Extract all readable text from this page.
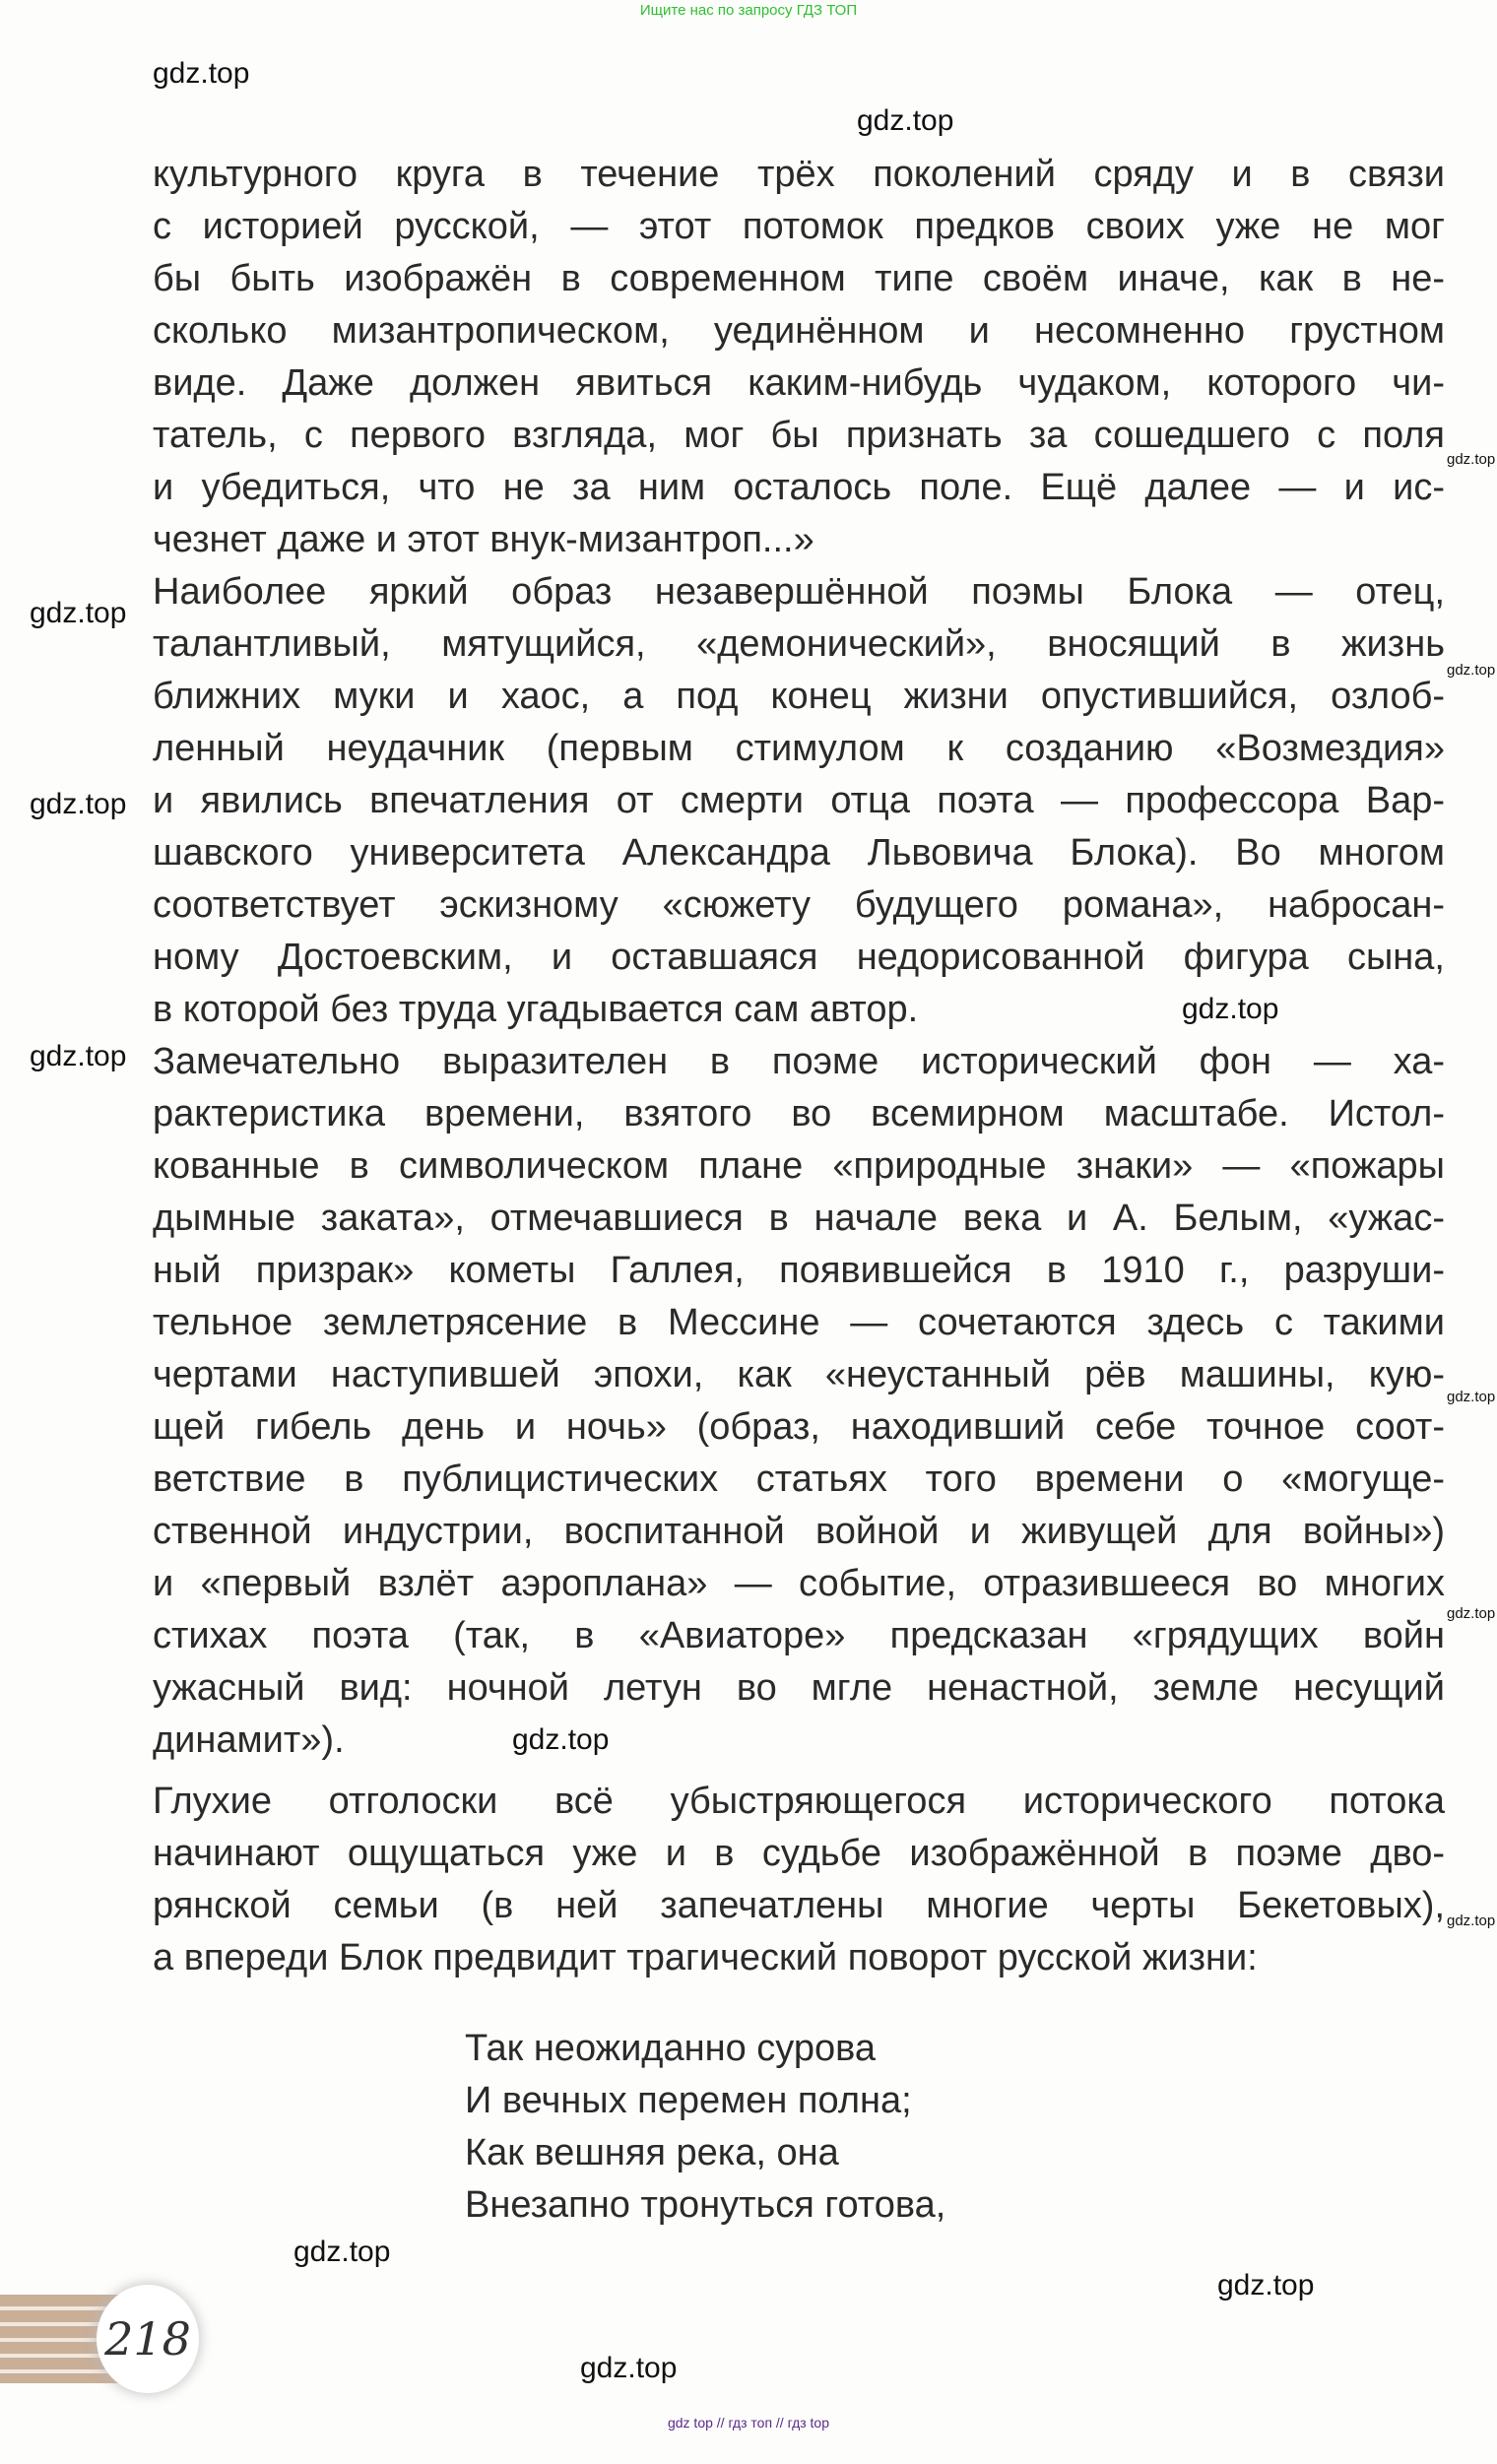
Ищите нас по запросу ГДЗ ТОП
культурного круга в течение трёх поколений сряду и в связи
с историей русской, — этот потомок предков своих уже не мог
бы быть изображён в современном типе своём иначе, как в не-
сколько мизантропическом, уединённом и несомненно грустном
виде. Даже должен явиться каким-нибудь чудаком, которого чи-
татель, с первого взгляда, мог бы признать за сошедшего с поля
и убедиться, что не за ним осталось поле. Ещё далее — и ис-
чезнет даже и этот внук-мизантроп...»
Наиболее яркий образ незавершённой поэмы Блока — отец,
талантливый, мятущийся, «демонический», вносящий в жизнь
ближних муки и хаос, а под конец жизни опустившийся, озлоб-
ленный неудачник (первым стимулом к созданию «Возмездия»
и явились впечатления от смерти отца поэта — профессора Вар-
шавского университета Александра Львовича Блока). Во многом
соответствует эскизному «сюжету будущего романа», набросан-
ному Достоевским, и оставшаяся недорисованной фигура сына,
в которой без труда угадывается сам автор.
Замечательно выразителен в поэме исторический фон — ха-
рактеристика времени, взятого во всемирном масштабе. Истол-
кованные в символическом плане «природные знаки» — «пожары
дымные заката», отмечавшиеся в начале века и А. Белым, «ужас-
ный призрак» кометы Галлея, появившейся в 1910 г., разруши-
тельное землетрясение в Мессине — сочетаются здесь с такими
чертами наступившей эпохи, как «неустанный рёв машины, кую-
щей гибель день и ночь» (образ, находивший себе точное соот-
ветствие в публицистических статьях того времени о «могуще-
ственной индустрии, воспитанной войной и живущей для войны»)
и «первый взлёт аэроплана» — событие, отразившееся во многих
стихах поэта (так, в «Авиаторе» предсказан «грядущих войн
ужасный вид: ночной летун во мгле ненастной, земле несущий
динамит»).
Глухие отголоски всё убыстряющегося исторического потока
начинают ощущаться уже и в судьбе изображённой в поэме дво-
рянской семьи (в ней запечатлены многие черты Бекетовых),
а впереди Блок предвидит трагический поворот русской жизни:
Так неожиданно сурова
И вечных перемен полна;
Как вешняя река, она
Внезапно тронуться готова,
gdz.top
gdz.top
gdz.top
gdz.top
gdz.top
gdz.top
gdz.top
gdz.top
gdz.top
gdz.top
gdz.top
gdz.top
gdz.top
gdz.top
gdz.top
218
gdz top // гдз топ // гдз top
